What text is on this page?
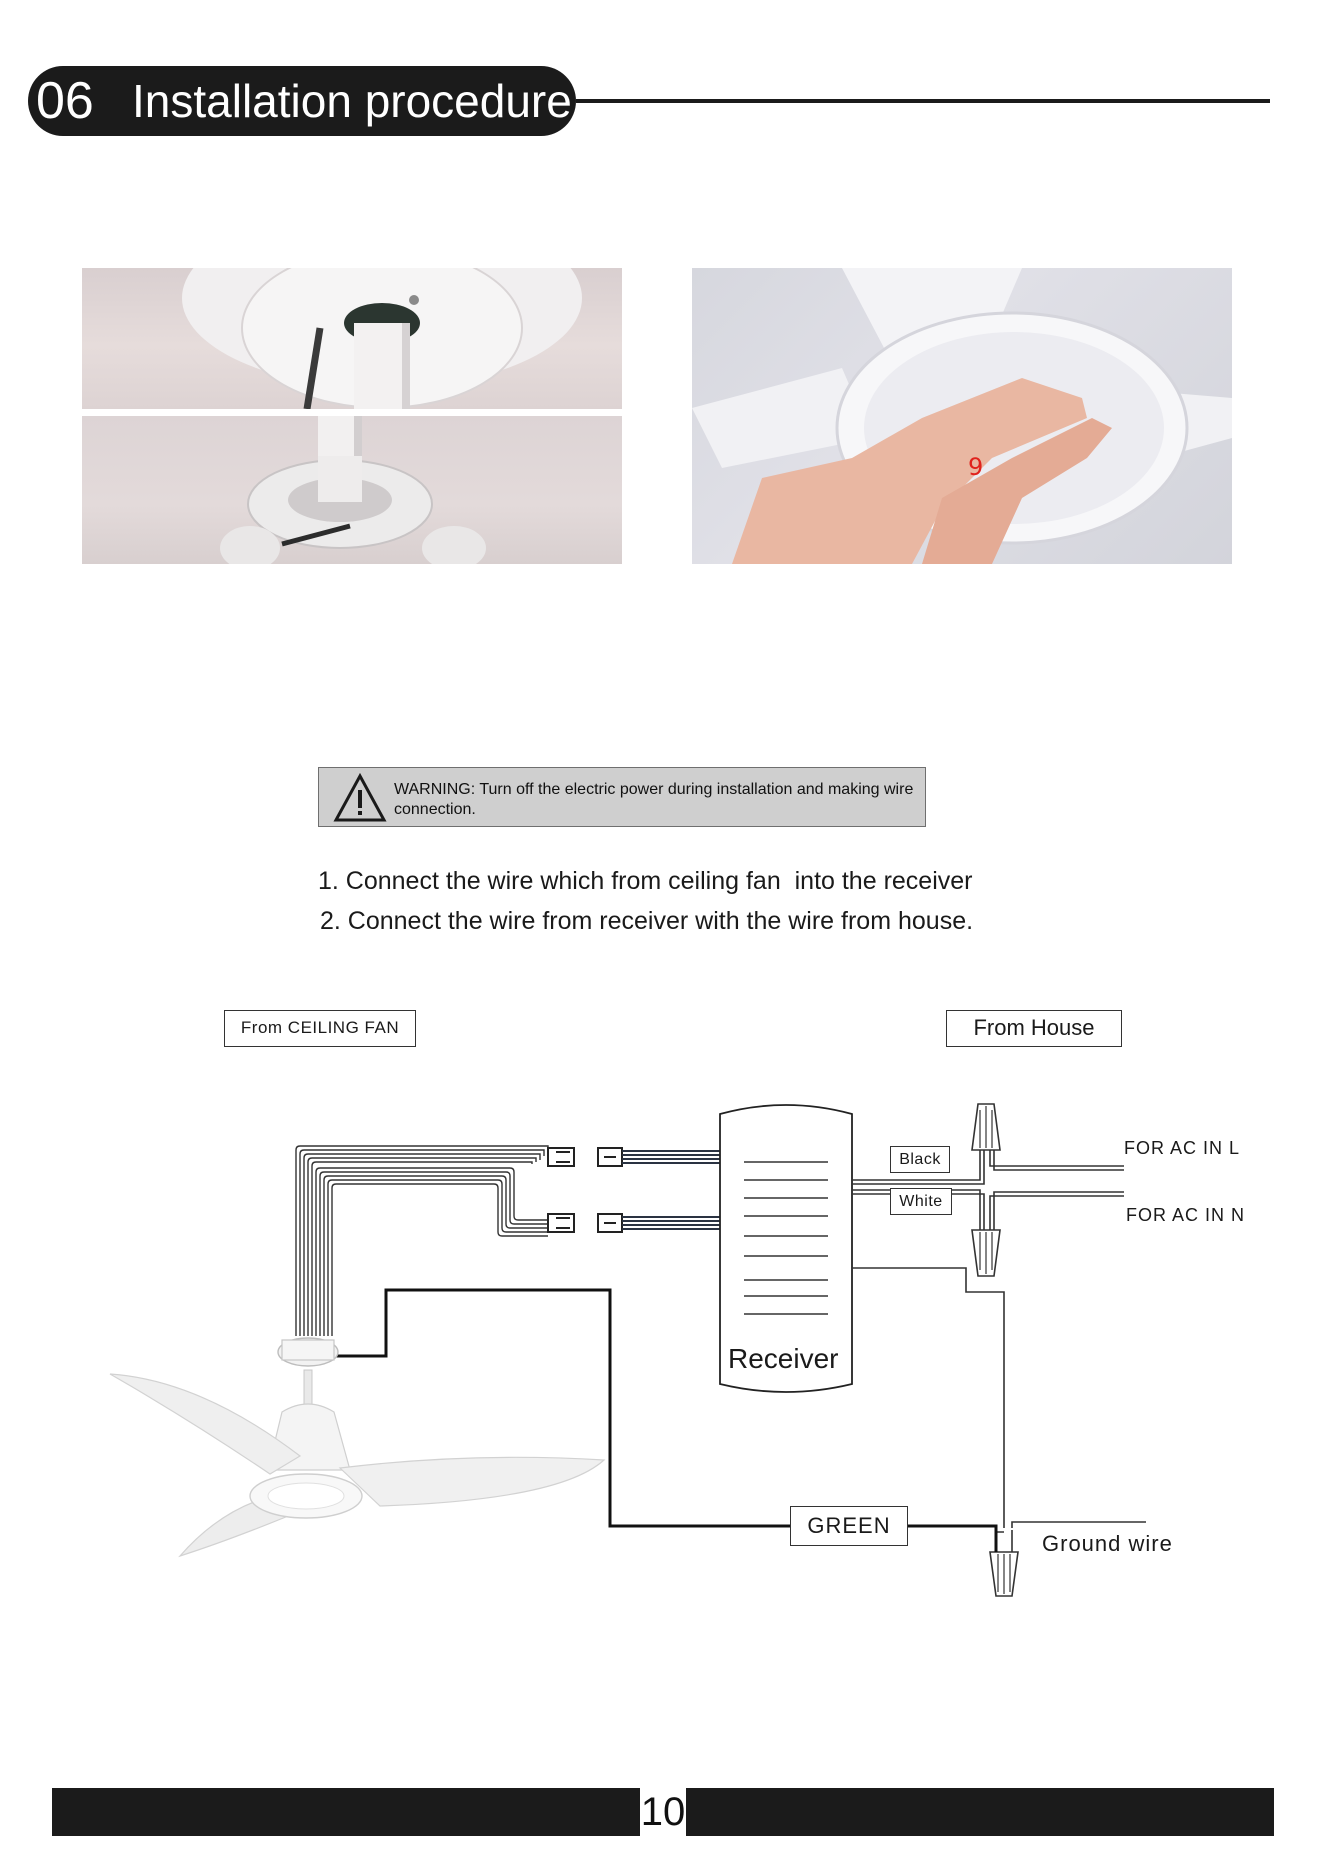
06 Installation procedure
9
WARNING: Turn off the electric power during installation and making wire connection.
1. Connect the wire which from ceiling fan  into the receiver
2. Connect the wire from receiver with the wire from house.
From CEILING FAN	From House
Black
White
GREEN
FOR AC IN L
FOR AC IN N
Receiver
Ground wire
10
